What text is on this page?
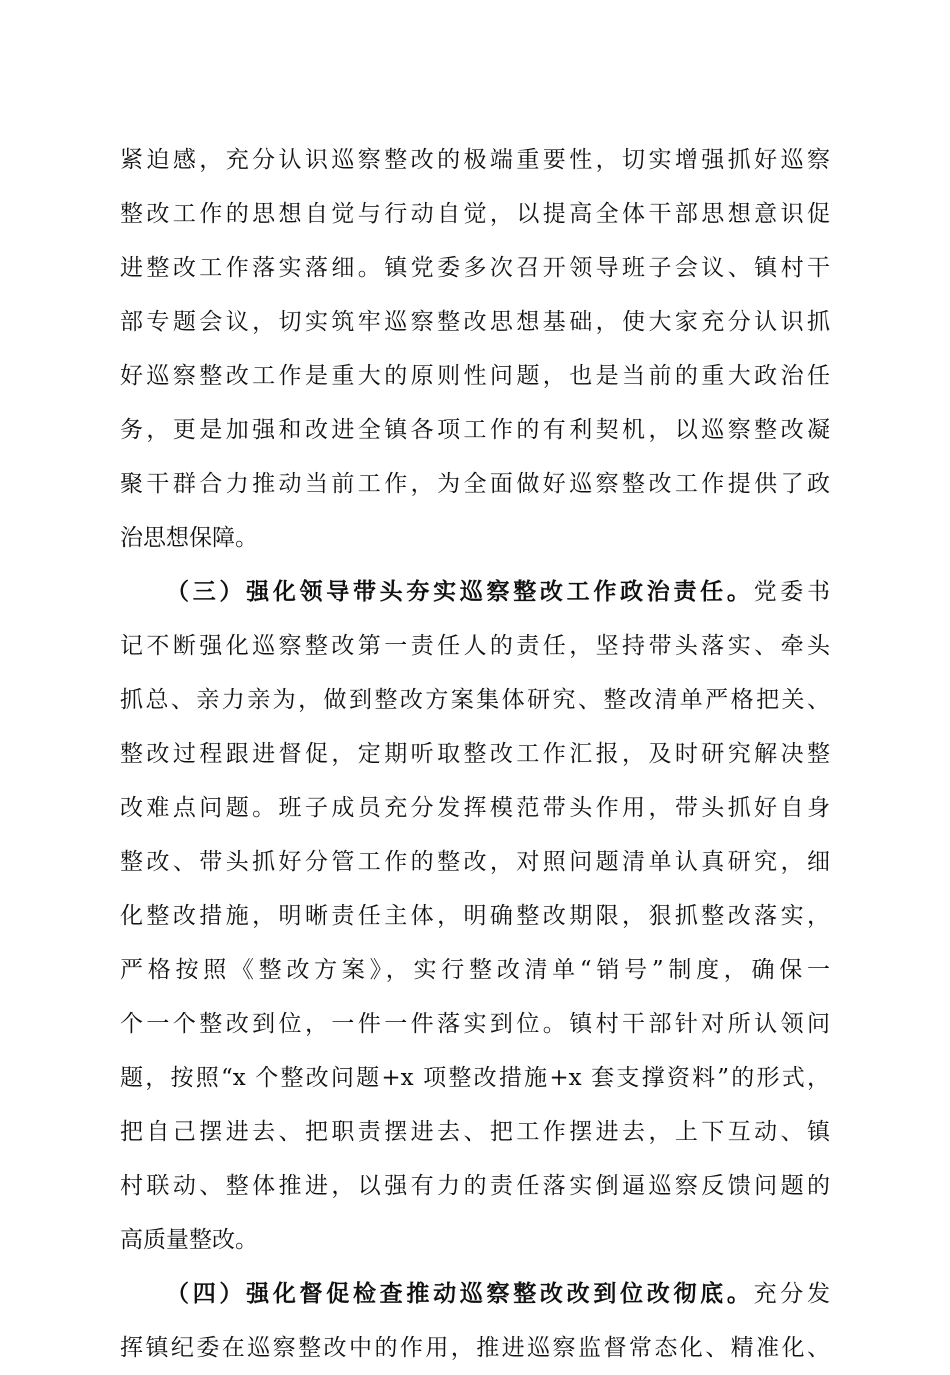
紧迫感，充分认识巡察整改的极端重要性，切实增强抓好巡察
整改工作的思想自觉与行动自觉，以提高全体干部思想意识促
进整改工作落实落细。镇党委多次召开领导班子会议、镇村干
部专题会议，切实筑牢巡察整改思想基础，使大家充分认识抓
好巡察整改工作是重大的原则性问题，也是当前的重大政治任
务，更是加强和改进全镇各项工作的有利契机，以巡察整改凝
聚干群合力推动当前工作，为全面做好巡察整改工作提供了政
治思想保障。
（三）强化领导带头夯实巡察整改工作政治责任。党委书
记不断强化巡察整改第一责任人的责任，坚持带头落实、牵头
抓总、亲力亲为，做到整改方案集体研究、整改清单严格把关、
整改过程跟进督促，定期听取整改工作汇报，及时研究解决整
改难点问题。班子成员充分发挥模范带头作用，带头抓好自身
整改、带头抓好分管工作的整改，对照问题清单认真研究，细
化整改措施，明晰责任主体，明确整改期限，狠抓整改落实，
严格按照《整改方案》，实行整改清单“销号”制度，确保一
个一个整改到位，一件一件落实到位。镇村干部针对所认领问
题，按照“x 个整改问题+x 项整改措施+x 套支撑资料”的形式，
把自己摆进去、把职责摆进去、把工作摆进去，上下互动、镇
村联动、整体推进，以强有力的责任落实倒逼巡察反馈问题的
高质量整改。
（四）强化督促检查推动巡察整改改到位改彻底。充分发
挥镇纪委在巡察整改中的作用，推进巡察监督常态化、精准化、
